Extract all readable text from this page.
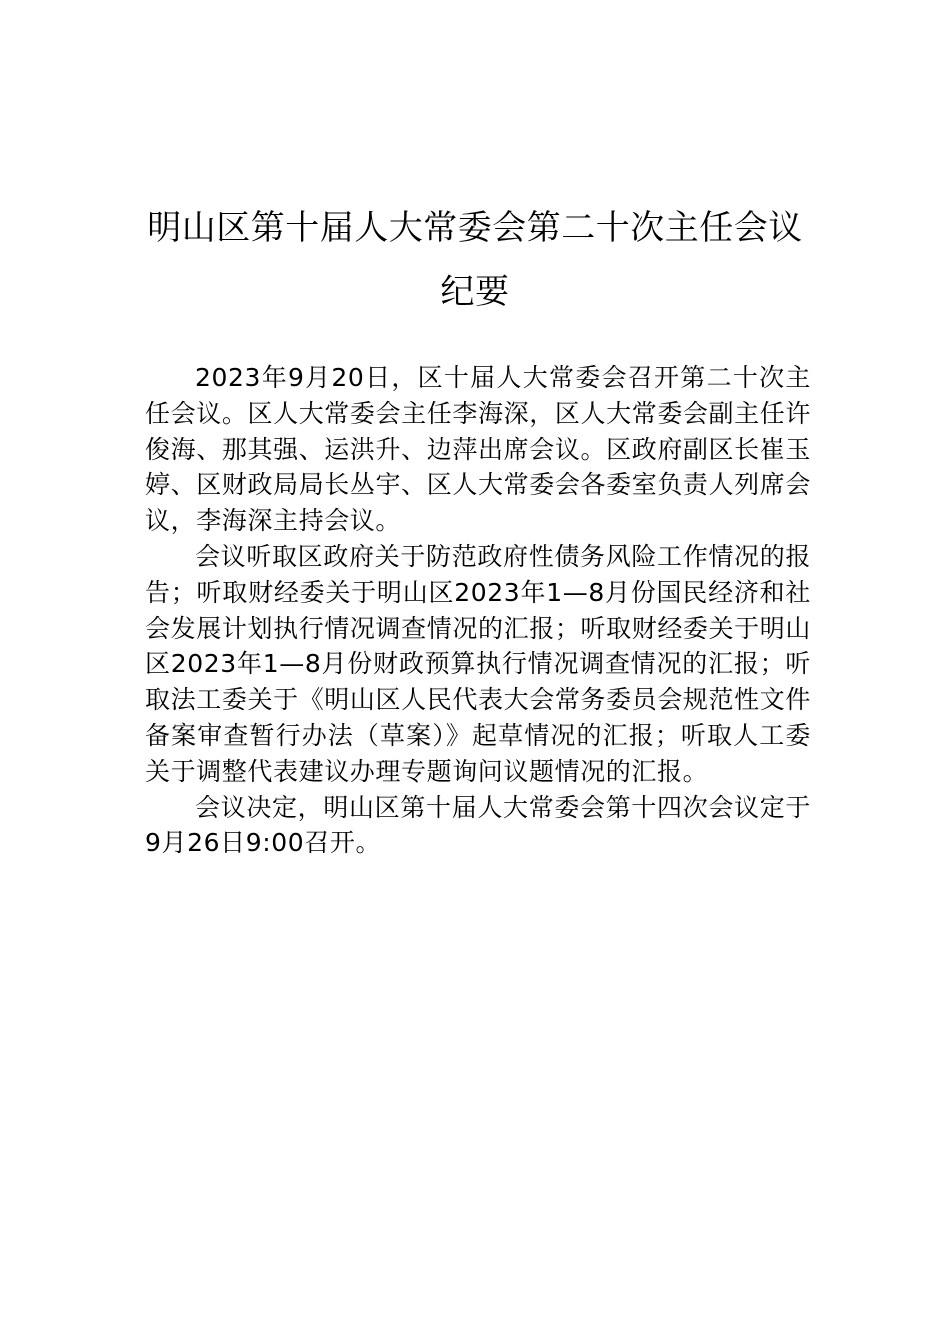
明山区第十届人大常委会第二十次主任会议纪要

2023年9月20日，区十届人大常委会召开第二十次主任会议。区人大常委会主任李海深，区人大常委会副主任许俊海、那其强、运洪升、边萍出席会议。区政府副区长崔玉婷、区财政局局长丛宇、区人大常委会各委室负责人列席会议，李海深主持会议。

会议听取区政府关于防范政府性债务风险工作情况的报告；听取财经委关于明山区2023年1—8月份国民经济和社会发展计划执行情况调查情况的汇报；听取财经委关于明山区2023年1—8月份财政预算执行情况调查情况的汇报；听取法工委关于《明山区人民代表大会常务委员会规范性文件备案审查暂行办法（草案）》起草情况的汇报；听取人工委关于调整代表建议办理专题询问议题情况的汇报。

会议决定，明山区第十届人大常委会第十四次会议定于9月26日9:00召开。
